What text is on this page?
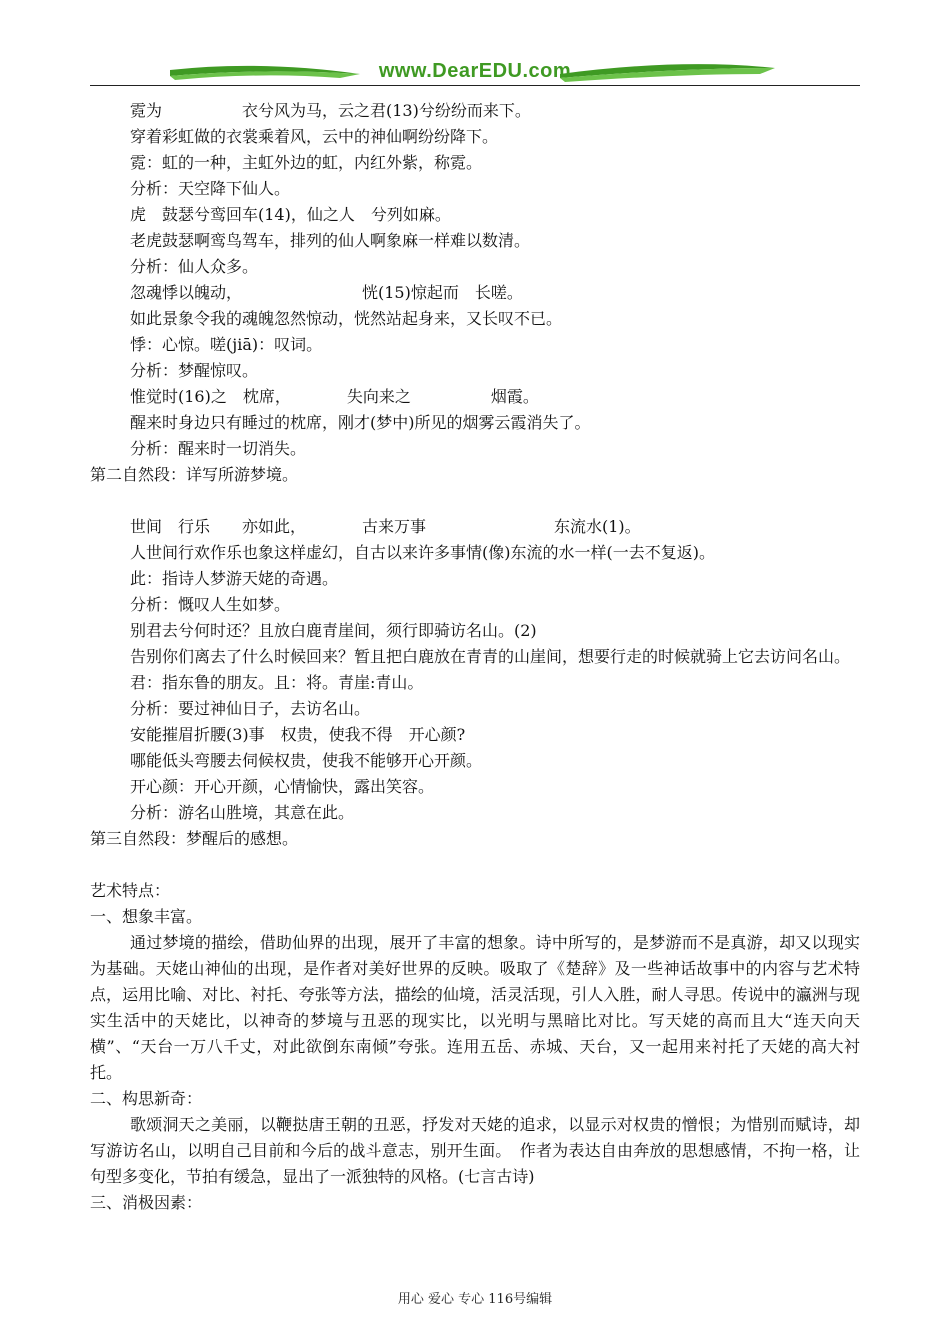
www.DearEDU.com
霓为　　　　　衣兮风为马，云之君(13)兮纷纷而来下。
穿着彩虹做的衣裳乘着风，云中的神仙啊纷纷降下。
霓：虹的一种，主虹外边的虹，内红外紫，称霓。
分析：天空降下仙人。
虎　鼓瑟兮鸾回车(14)，仙之人　兮列如麻。
老虎鼓瑟啊鸾鸟驾车，排列的仙人啊象麻一样难以数清。
分析：仙人众多。
忽魂悸以魄动，　　　　　　　　恍(15)惊起而　长嗟。
如此景象令我的魂魄忽然惊动，恍然站起身来，又长叹不已。
悸：心惊。嗟(jiā)：叹词。
分析：梦醒惊叹。
惟觉时(16)之　枕席，　　　　失向来之　　　　　烟霞。
醒来时身边只有睡过的枕席，刚才(梦中)所见的烟雾云霞消失了。
分析：醒来时一切消失。
第二自然段：详写所游梦境。
世间　行乐　　亦如此，　　　　古来万事　　　　　　　　东流水(1)。
人世间行欢作乐也象这样虚幻，自古以来许多事情(像)东流的水一样(一去不复返)。
此：指诗人梦游天姥的奇遇。
分析：慨叹人生如梦。
别君去兮何时还？且放白鹿青崖间，须行即骑访名山。(2)
告别你们离去了什么时候回来？暂且把白鹿放在青青的山崖间，想要行走的时候就骑上它去访问名山。
君：指东鲁的朋友。且：将。青崖:青山。
分析：要过神仙日子，去访名山。
安能摧眉折腰(3)事　权贵，使我不得　开心颜?
哪能低头弯腰去伺候权贵，使我不能够开心开颜。
开心颜：开心开颜，心情愉快，露出笑容。
分析：游名山胜境，其意在此。
第三自然段：梦醒后的感想。
艺术特点：
一、想象丰富。
通过梦境的描绘，借助仙界的出现，展开了丰富的想象。诗中所写的，是梦游而不是真游，却又以现实为基础。天姥山神仙的出现，是作者对美好世界的反映。吸取了《楚辞》及一些神话故事中的内容与艺术特点，运用比喻、对比、衬托、夸张等方法，描绘的仙境，活灵活现，引人入胜，耐人寻思。传说中的瀛洲与现实生活中的天姥比，以神奇的梦境与丑恶的现实比，以光明与黑暗比对比。写天姥的高而且大“连天向天横”、“天台一万八千丈，对此欲倒东南倾”夸张。连用五岳、赤城、天台，又一起用来衬托了天姥的高大衬托。
二、构思新奇：
歌颂洞天之美丽，以鞭挞唐王朝的丑恶，抒发对天姥的追求，以显示对权贵的憎恨；为惜别而赋诗，却写游访名山，以明自己目前和今后的战斗意志，别开生面。　作者为表达自由奔放的思想感情，不拘一格，让句型多变化，节拍有缓急，显出了一派独特的风格。(七言古诗)
三、消极因素：
用心 爱心 专心 116号编辑
